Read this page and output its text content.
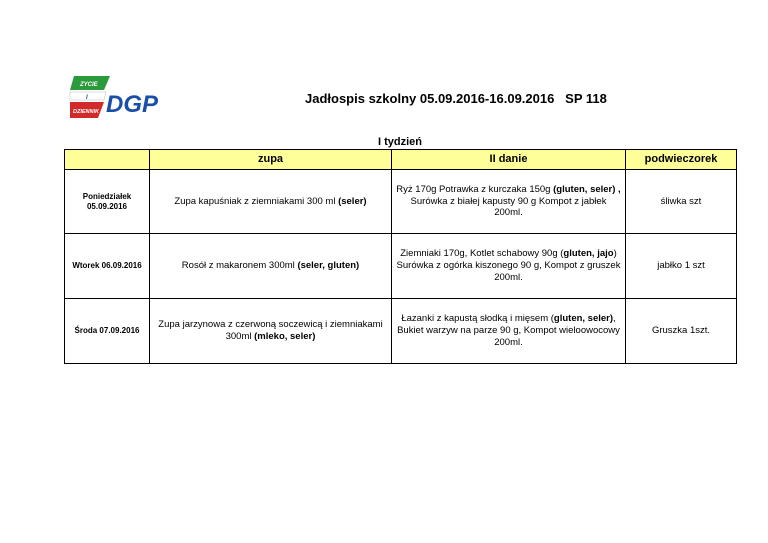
ZYCIE
I
DZIENNIK DGP	Jadłospis szkolny 05.09.2016-16.09.2016   SP 118
I tydzień
	zupa	II danie	podwieczorek
Poniedziałek
05.09.2016	Zupa kapuśniak z ziemniakami 300 ml (seler)	Ryż 170g Potrawka z kurczaka 150g (gluten, seler) , Surówka z białej kapusty 90 g Kompot z jabłek 200ml.	śliwka szt
Wtorek 06.09.2016	Rosół z makaronem 300ml (seler, gluten)	Ziemniaki 170g, Kotlet schabowy 90g (gluten, jajo) Surówka z ogórka kiszonego 90 g, Kompot z gruszek 200ml.	jabłko 1 szt
Środa 07.09.2016	Zupa jarzynowa z czerwoną soczewicą i ziemniakami 300ml (mleko, seler)	Łazanki z kapustą słodką i mięsem (gluten, seler), Bukiet warzyw na parze 90 g, Kompot wieloowocowy 200ml.	Gruszka 1szt.
